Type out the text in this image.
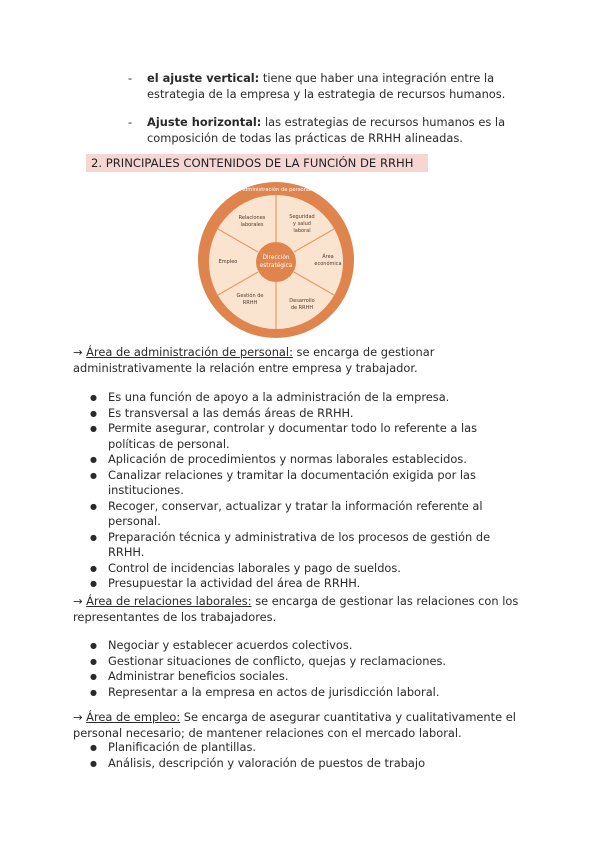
- el ajuste vertical: tiene que haber una integración entre la estrategia de la empresa y la estrategia de recursos humanos.
- Ajuste horizontal: las estrategias de recursos humanos es la composición de todas las prácticas de RRHH alineadas.
2. PRINCIPALES CONTENIDOS DE LA FUNCIÓN DE RRHH
Administración de personal
Dirección
estratégica
Seguridad
y salud
laboral
Área
económica
Desarrollo
de RRHH
Gestión de
RRHH
Empleo
Relaciones
laborales
→ Área de administración de personal: se encarga de gestionar administrativamente la relación entre empresa y trabajador.
● Es una función de apoyo a la administración de la empresa.
● Es transversal a las demás áreas de RRHH.
● Permite asegurar, controlar y documentar todo lo referente a las políticas de personal.
● Aplicación de procedimientos y normas laborales establecidos.
● Canalizar relaciones y tramitar la documentación exigida por las instituciones.
● Recoger, conservar, actualizar y tratar la información referente al personal.
● Preparación técnica y administrativa de los procesos de gestión de RRHH.
● Control de incidencias laborales y pago de sueldos.
● Presupuestar la actividad del área de RRHH.
→ Área de relaciones laborales: se encarga de gestionar las relaciones con los representantes de los trabajadores.
● Negociar y establecer acuerdos colectivos.
● Gestionar situaciones de conflicto, quejas y reclamaciones.
● Administrar beneficios sociales.
● Representar a la empresa en actos de jurisdicción laboral.
→ Área de empleo: Se encarga de asegurar cuantitativa y cualitativamente el personal necesario; de mantener relaciones con el mercado laboral.
● Planificación de plantillas.
● Análisis, descripción y valoración de puestos de trabajo
